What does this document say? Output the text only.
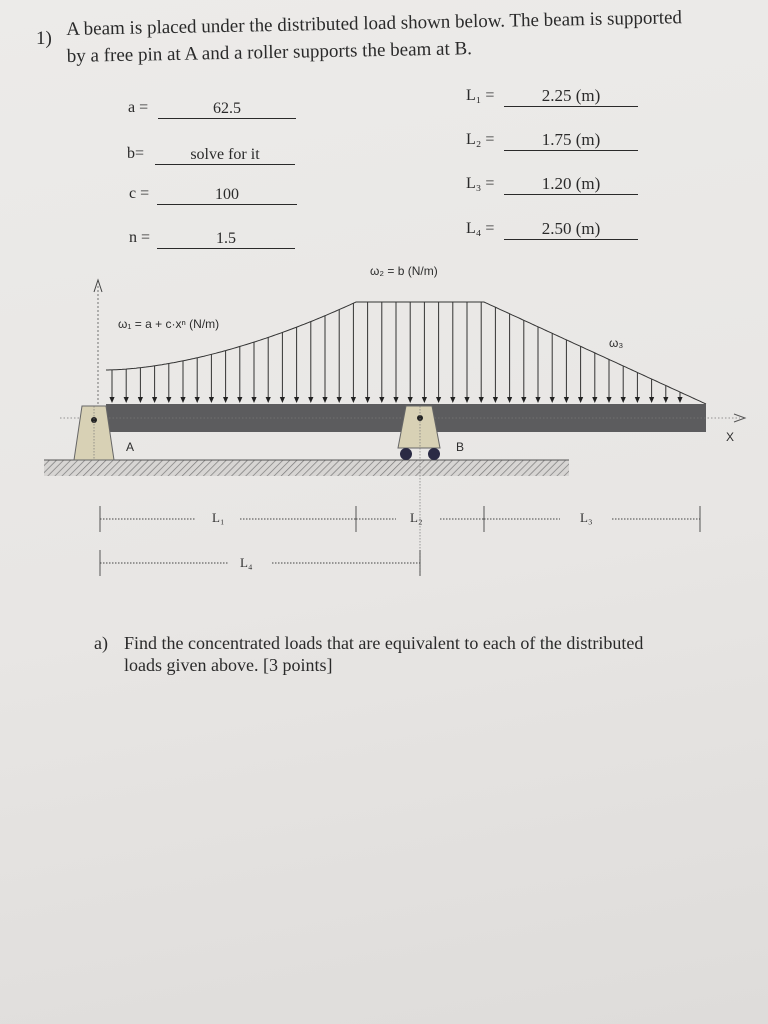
1) A beam is placed under the distributed load shown below. The beam is supported
by a free pin at A and a roller supports the beam at B.
a =	62.5
b=	solve for it
c =	100
n =	1.5
L₁ =	2.25 (m)
L₂ =	1.75 (m)
L₃ =	1.20 (m)
L₄ =	2.50 (m)
ω₂ = b (N/m)
ω₁ = a + c·xⁿ (N/m)
ω₃
X
A	B
L₁	L₂	L₃
L₄
a) Find the concentrated loads that are equivalent to each of the distributed
loads given above. [3 points]
